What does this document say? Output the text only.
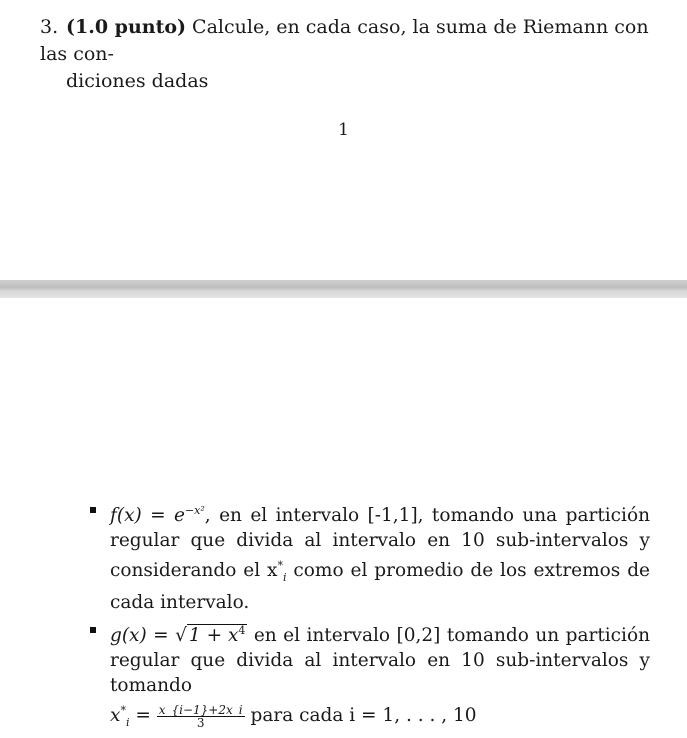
3. (1.0 punto) Calcule, en cada caso, la suma de Riemann con las con-
diciones dadas
1
$f(x) = e^{-x^2}$, en el intervalo [-1,1], tomando una partición regular que divida al intervalo en 10 sub-intervalos y considerando el $x^*_i$ como el promedio de los extremos de cada intervalo.
g(x) = √ $1 + x^4$ en el intervalo [0,2] tomando un partición regular que divida al intervalo en 10 sub-intervalos y tomando
$x^*_i = \frac{x\_\{i-1\}+2x\_i}{3}$ para cada i = 1, . . . , 10
